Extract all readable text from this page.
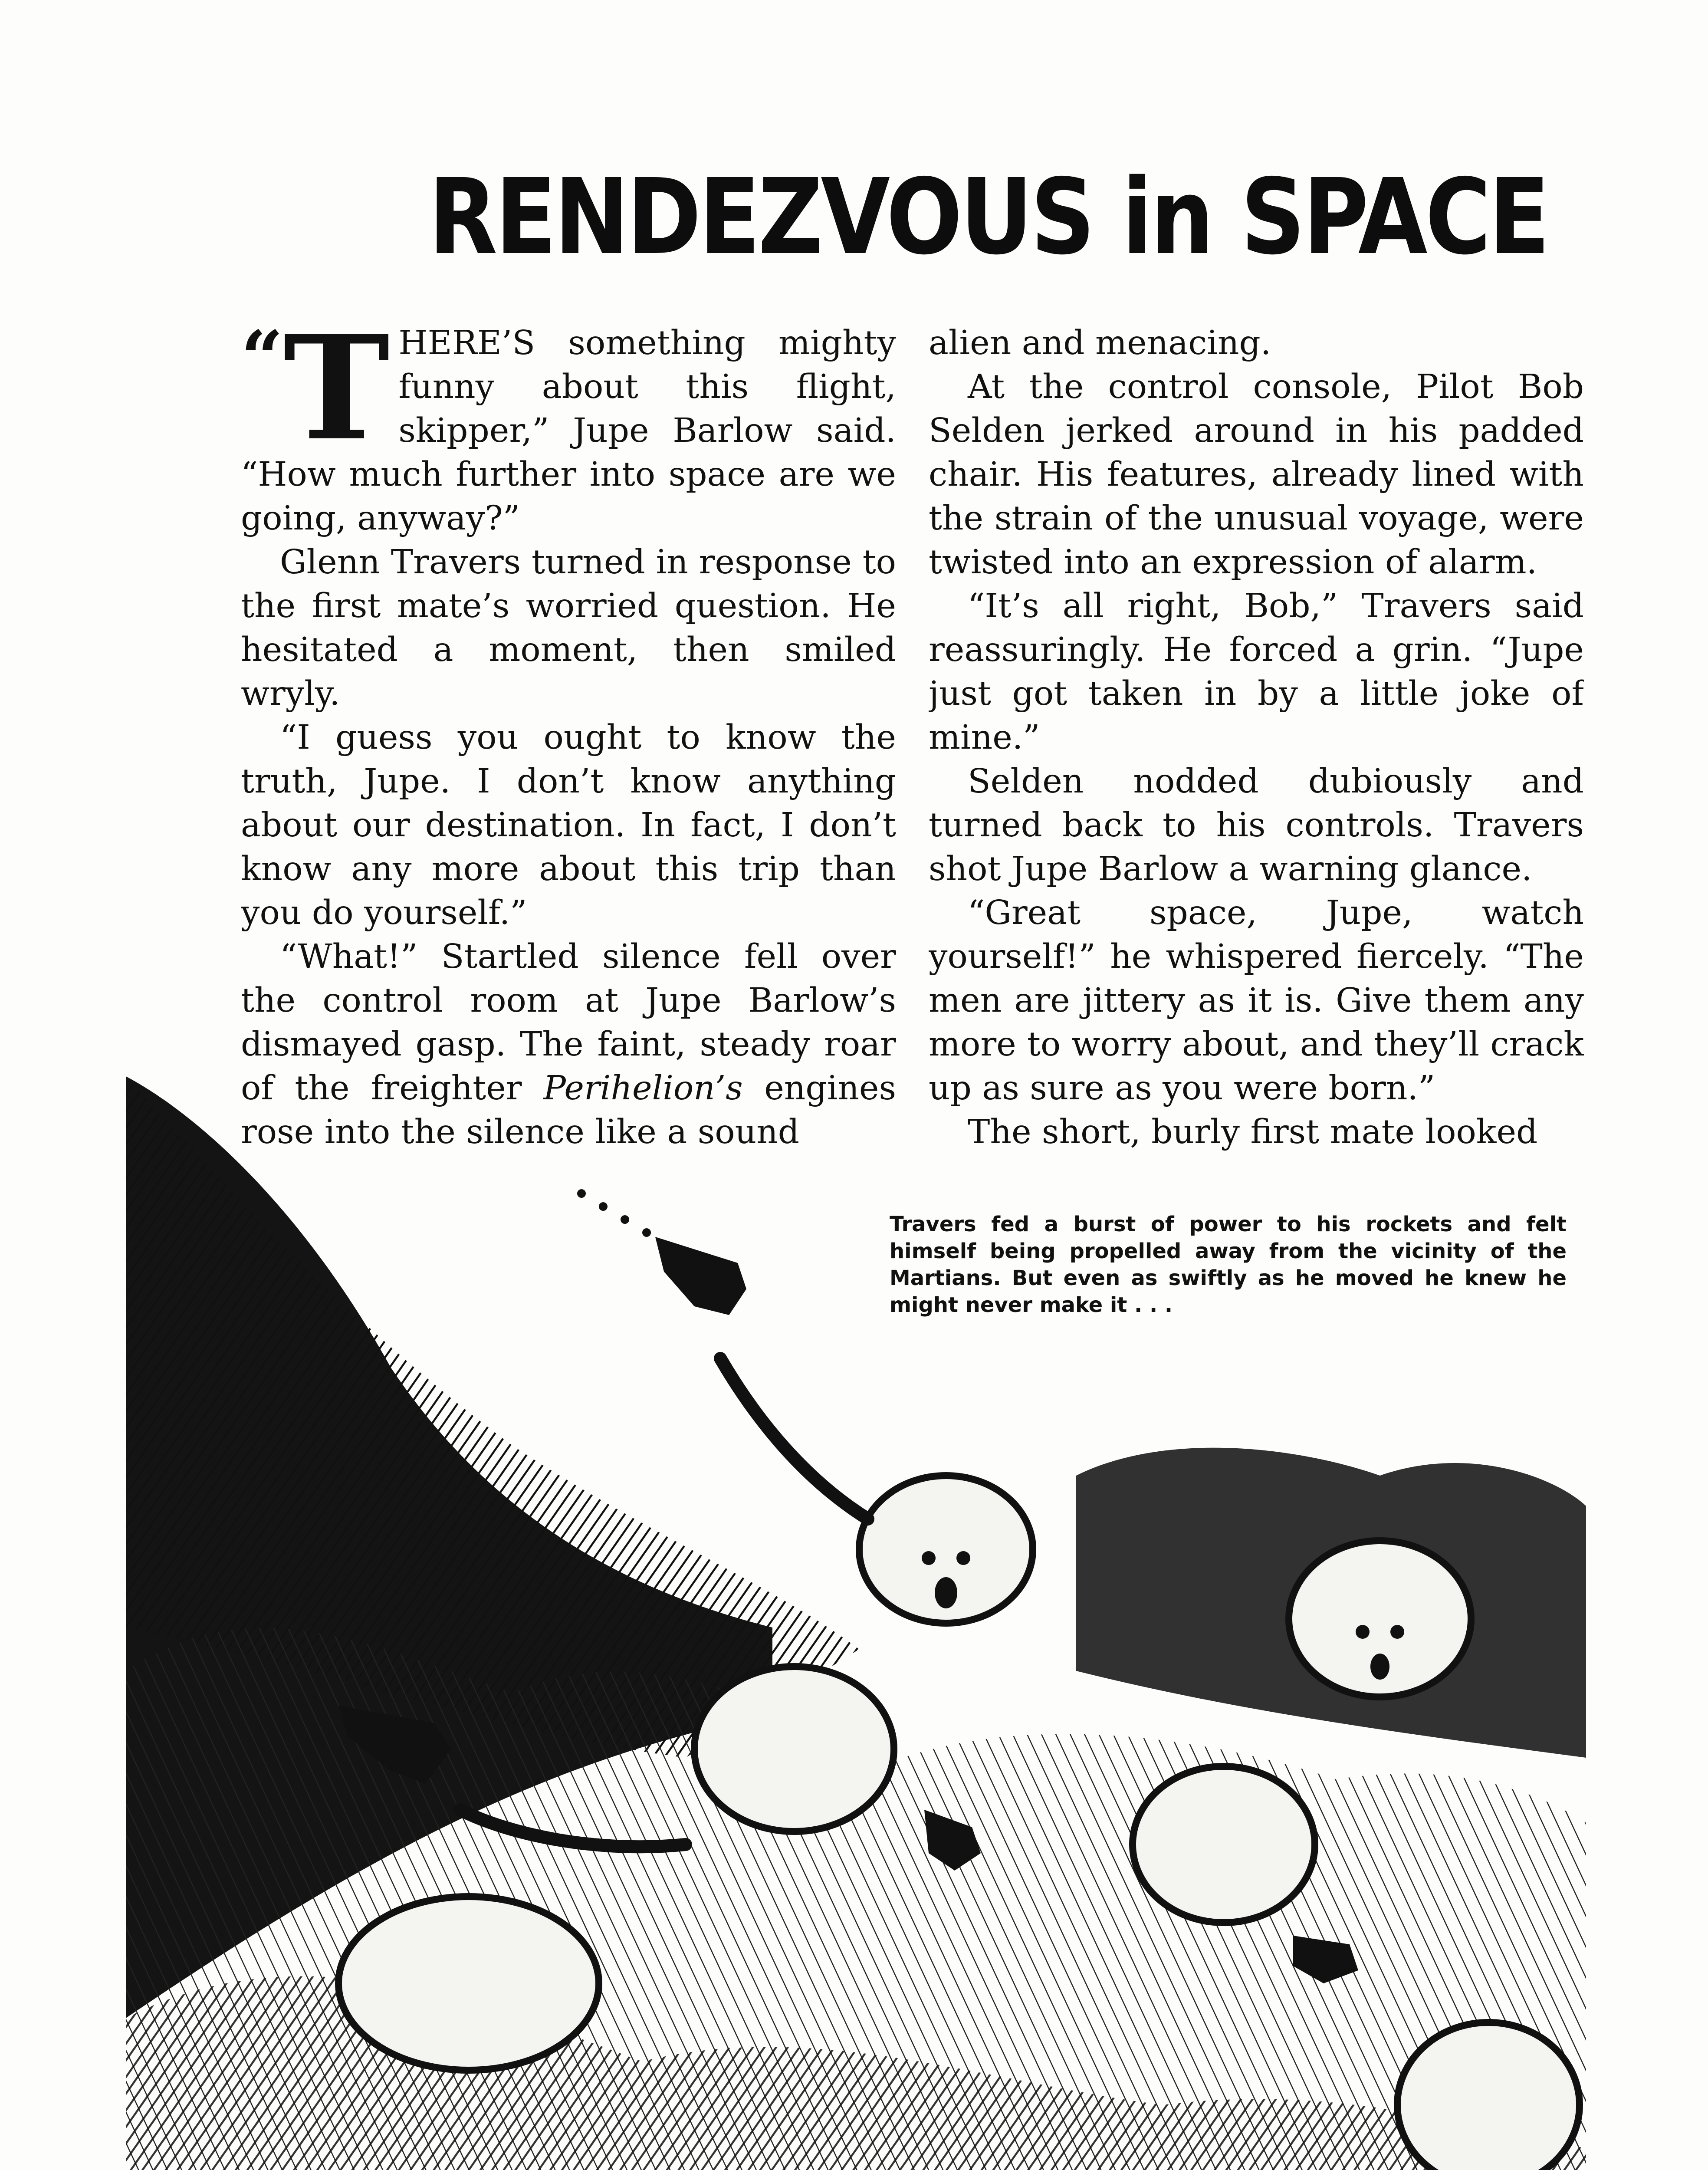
RENDEZVOUS in SPACE

“ T HERE’S something mighty funny about this flight, skipper,” Jupe Barlow said. “How much further into space are we going, anyway?”

Glenn Travers turned in response to the first mate’s worried question. He hesitated a moment, then smiled wryly.

“I guess you ought to know the truth, Jupe. I don’t know anything about our destination. In fact, I don’t know any more about this trip than you do yourself.”

“What!” Startled silence fell over the control room at Jupe Barlow’s dismayed gasp. The faint, steady roar of the freighter Perihelion’s engines rose into the silence like a sound

alien and menacing.

At the control console, Pilot Bob Selden jerked around in his padded chair. His features, already lined with the strain of the unusual voyage, were twisted into an expression of alarm.

“It’s all right, Bob,” Travers said reassuringly. He forced a grin. “Jupe just got taken in by a little joke of mine.”

Selden nodded dubiously and turned back to his controls. Travers shot Jupe Barlow a warning glance.

“Great space, Jupe, watch yourself!” he whispered fiercely. “The men are jittery as it is. Give them any more to worry about, and they’ll crack up as sure as you were born.”

The short, burly first mate looked

Travers fed a burst of power to his rockets and felt himself being propelled away from the vicinity of the Martians. But even as swiftly as he moved he knew he might never make it . . .
